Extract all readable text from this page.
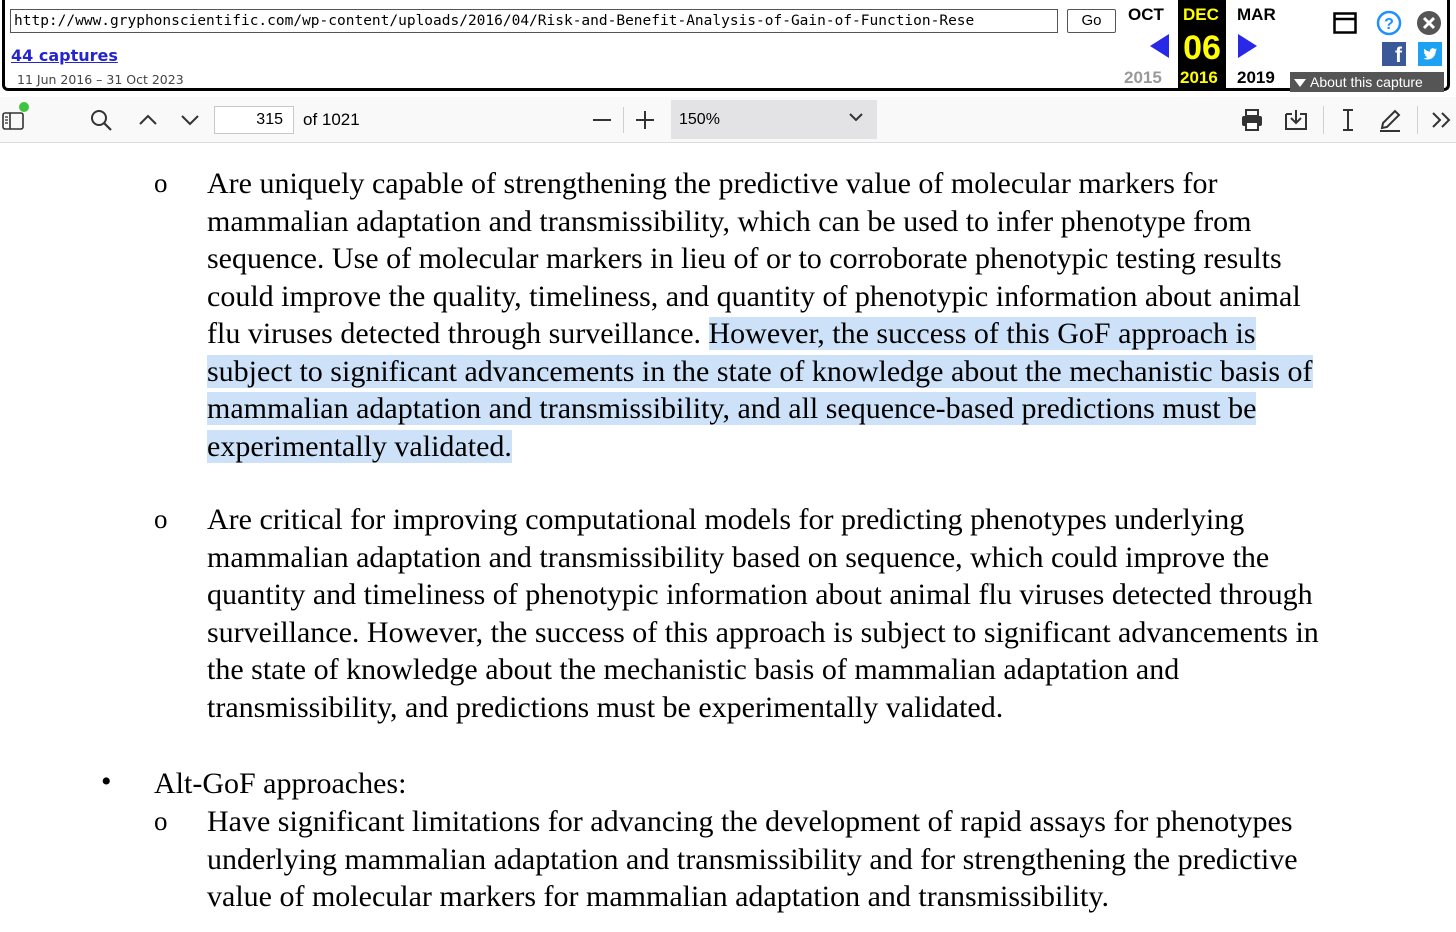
http://www.gryphonscientific.com/wp-content/uploads/2016/04/Risk-and-Benefit-Analysis-of-Gain-of-Function-Rese	Go
44 captures
11 Jun 2016 – 31 Oct 2023
OCT DEC MAR
06
2015 2016 2019
?
f
About this capture
315	of 1021	150%
o Are uniquely capable of strengthening the predictive value of molecular markers for
mammalian adaptation and transmissibility, which can be used to infer phenotype from
sequence. Use of molecular markers in lieu of or to corroborate phenotypic testing results
could improve the quality, timeliness, and quantity of phenotypic information about animal
flu viruses detected through surveillance. However, the success of this GoF approach is
subject to significant advancements in the state of knowledge about the mechanistic basis of
mammalian adaptation and transmissibility, and all sequence-based predictions must be
experimentally validated.
o Are critical for improving computational models for predicting phenotypes underlying
mammalian adaptation and transmissibility based on sequence, which could improve the
quantity and timeliness of phenotypic information about animal flu viruses detected through
surveillance. However, the success of this approach is subject to significant advancements in
the state of knowledge about the mechanistic basis of mammalian adaptation and
transmissibility, and predictions must be experimentally validated.
• Alt-GoF approaches:
o Have significant limitations for advancing the development of rapid assays for phenotypes
underlying mammalian adaptation and transmissibility and for strengthening the predictive
value of molecular markers for mammalian adaptation and transmissibility.
